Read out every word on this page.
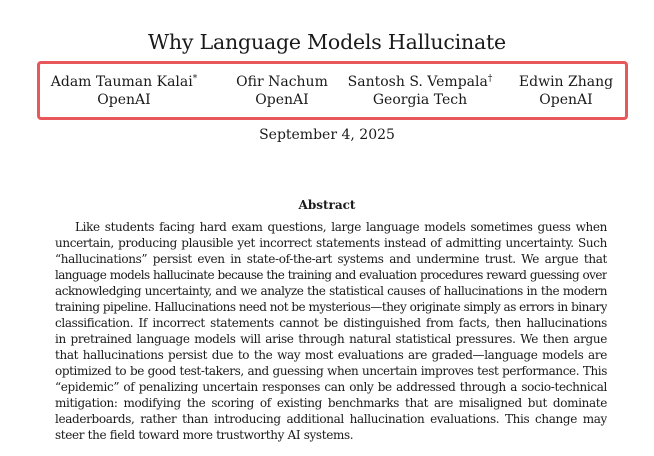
Why Language Models Hallucinate
Adam Tauman Kalai*
OpenAI
Ofir Nachum
OpenAI
Santosh S. Vempala†
Georgia Tech
Edwin Zhang
OpenAI
September 4, 2025
Abstract
Like students facing hard exam questions, large language models sometimes guess when
uncertain, producing plausible yet incorrect statements instead of admitting uncertainty. Such
“hallucinations” persist even in state-of-the-art systems and undermine trust. We argue that
language models hallucinate because the training and evaluation procedures reward guessing over
acknowledging uncertainty, and we analyze the statistical causes of hallucinations in the modern
training pipeline. Hallucinations need not be mysterious—they originate simply as errors in binary
classification. If incorrect statements cannot be distinguished from facts, then hallucinations
in pretrained language models will arise through natural statistical pressures. We then argue
that hallucinations persist due to the way most evaluations are graded—language models are
optimized to be good test-takers, and guessing when uncertain improves test performance. This
“epidemic” of penalizing uncertain responses can only be addressed through a socio-technical
mitigation: modifying the scoring of existing benchmarks that are misaligned but dominate
leaderboards, rather than introducing additional hallucination evaluations. This change may
steer the field toward more trustworthy AI systems.
